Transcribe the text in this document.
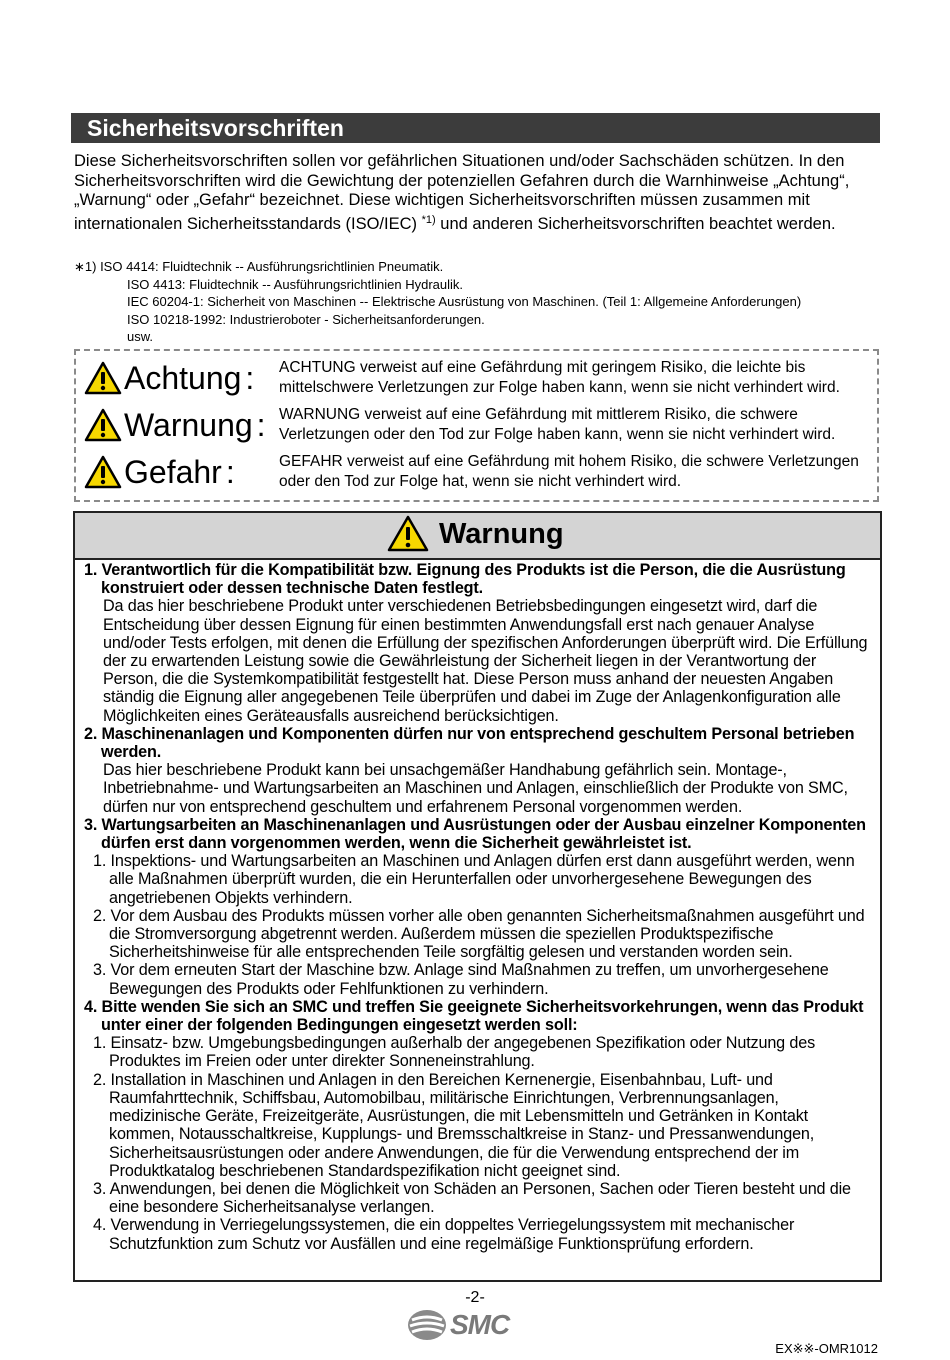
Sicherheitsvorschriften

Diese Sicherheitsvorschriften sollen vor gefährlichen Situationen und/oder Sachschäden schützen. In den Sicherheitsvorschriften wird die Gewichtung der potenziellen Gefahren durch die Warnhinweise „Achtung“, „Warnung“ oder „Gefahr“ bezeichnet. Diese wichtigen Sicherheitsvorschriften müssen zusammen mit internationalen Sicherheitsstandards (ISO/IEC) $^{*1)}$ und anderen Sicherheitsvorschriften beachtet werden.

∗1) ISO 4414: Fluidtechnik -- Ausführungsrichtlinien Pneumatik.
ISO 4413: Fluidtechnik -- Ausführungsrichtlinien Hydraulik.
IEC 60204-1: Sicherheit von Maschinen -- Elektrische Ausrüstung von Maschinen. (Teil 1: Allgemeine Anforderungen)
ISO 10218-1992: Industrieroboter - Sicherheitsanforderungen.
usw.
Achtung : ACHTUNG verweist auf eine Gefährdung mit geringem Risiko, die leichte bis mittelschwere Verletzungen zur Folge haben kann, wenn sie nicht verhindert wird.

Warnung : WARNUNG verweist auf eine Gefährdung mit mittlerem Risiko, die schwere Verletzungen oder den Tod zur Folge haben kann, wenn sie nicht verhindert wird.

Gefahr :	GEFAHR verweist auf eine Gefährdung mit hohem Risiko, die schwere Verletzungen oder den Tod zur Folge hat, wenn sie nicht verhindert wird.

Warnung

1. Verantwortlich für die Kompatibilität bzw. Eignung des Produkts ist die Person, die die Ausrüstung konstruiert oder dessen technische Daten festlegt.

Da das hier beschriebene Produkt unter verschiedenen Betriebsbedingungen eingesetzt wird, darf die Entscheidung über dessen Eignung für einen bestimmten Anwendungsfall erst nach genauer Analyse und/oder Tests erfolgen, mit denen die Erfüllung der spezifischen Anforderungen überprüft wird. Die Erfüllung der zu erwartenden Leistung sowie die Gewährleistung der Sicherheit liegen in der Verantwortung der Person, die die Systemkompatibilität festgestellt hat. Diese Person muss anhand der neuesten Angaben ständig die Eignung aller angegebenen Teile überprüfen und dabei im Zuge der Anlagenkonfiguration alle Möglichkeiten eines Geräteausfalls ausreichend berücksichtigen.

2. Maschinenanlagen und Komponenten dürfen nur von entsprechend geschultem Personal betrieben werden.

Das hier beschriebene Produkt kann bei unsachgemäßer Handhabung gefährlich sein. Montage-, Inbetriebnahme- und Wartungsarbeiten an Maschinen und Anlagen, einschließlich der Produkte von SMC, dürfen nur von entsprechend geschultem und erfahrenem Personal vorgenommen werden.

3. Wartungsarbeiten an Maschinenanlagen und Ausrüstungen oder der Ausbau einzelner Komponenten dürfen erst dann vorgenommen werden, wenn die Sicherheit gewährleistet ist.

1. Inspektions- und Wartungsarbeiten an Maschinen und Anlagen dürfen erst dann ausgeführt werden, wenn alle Maßnahmen überprüft wurden, die ein Herunterfallen oder unvorhergesehene Bewegungen des angetriebenen Objekts verhindern.

2. Vor dem Ausbau des Produkts müssen vorher alle oben genannten Sicherheitsmaßnahmen ausgeführt und die Stromversorgung abgetrennt werden. Außerdem müssen die speziellen Produktspezifische Sicherheitshinweise für alle entsprechenden Teile sorgfältig gelesen und verstanden worden sein.

3. Vor dem erneuten Start der Maschine bzw. Anlage sind Maßnahmen zu treffen, um unvorhergesehene Bewegungen des Produkts oder Fehlfunktionen zu verhindern.

4. Bitte wenden Sie sich an SMC und treffen Sie geeignete Sicherheitsvorkehrungen, wenn das Produkt unter einer der folgenden Bedingungen eingesetzt werden soll:

1. Einsatz- bzw. Umgebungsbedingungen außerhalb der angegebenen Spezifikation oder Nutzung des Produktes im Freien oder unter direkter Sonneneinstrahlung.

2. Installation in Maschinen und Anlagen in den Bereichen Kernenergie, Eisenbahnbau, Luft- und Raumfahrttechnik, Schiffsbau, Automobilbau, militärische Einrichtungen, Verbrennungsanlagen, medizinische Geräte, Freizeitgeräte, Ausrüstungen, die mit Lebensmitteln und Getränken in Kontakt kommen, Notausschaltkreise, Kupplungs- und Bremsschaltkreise in Stanz- und Pressanwendungen, Sicherheitsausrüstungen oder andere Anwendungen, die für die Verwendung entsprechend der im Produktkatalog beschriebenen Standardspezifikation nicht geeignet sind.

3. Anwendungen, bei denen die Möglichkeit von Schäden an Personen, Sachen oder Tieren besteht und die eine besondere Sicherheitsanalyse verlangen.

4. Verwendung in Verriegelungssystemen, die ein doppeltes Verriegelungssystem mit mechanischer Schutzfunktion zum Schutz vor Ausfällen und eine regelmäßige Funktionsprüfung erfordern.

-2-
SMC
EX※※-OMR1012
